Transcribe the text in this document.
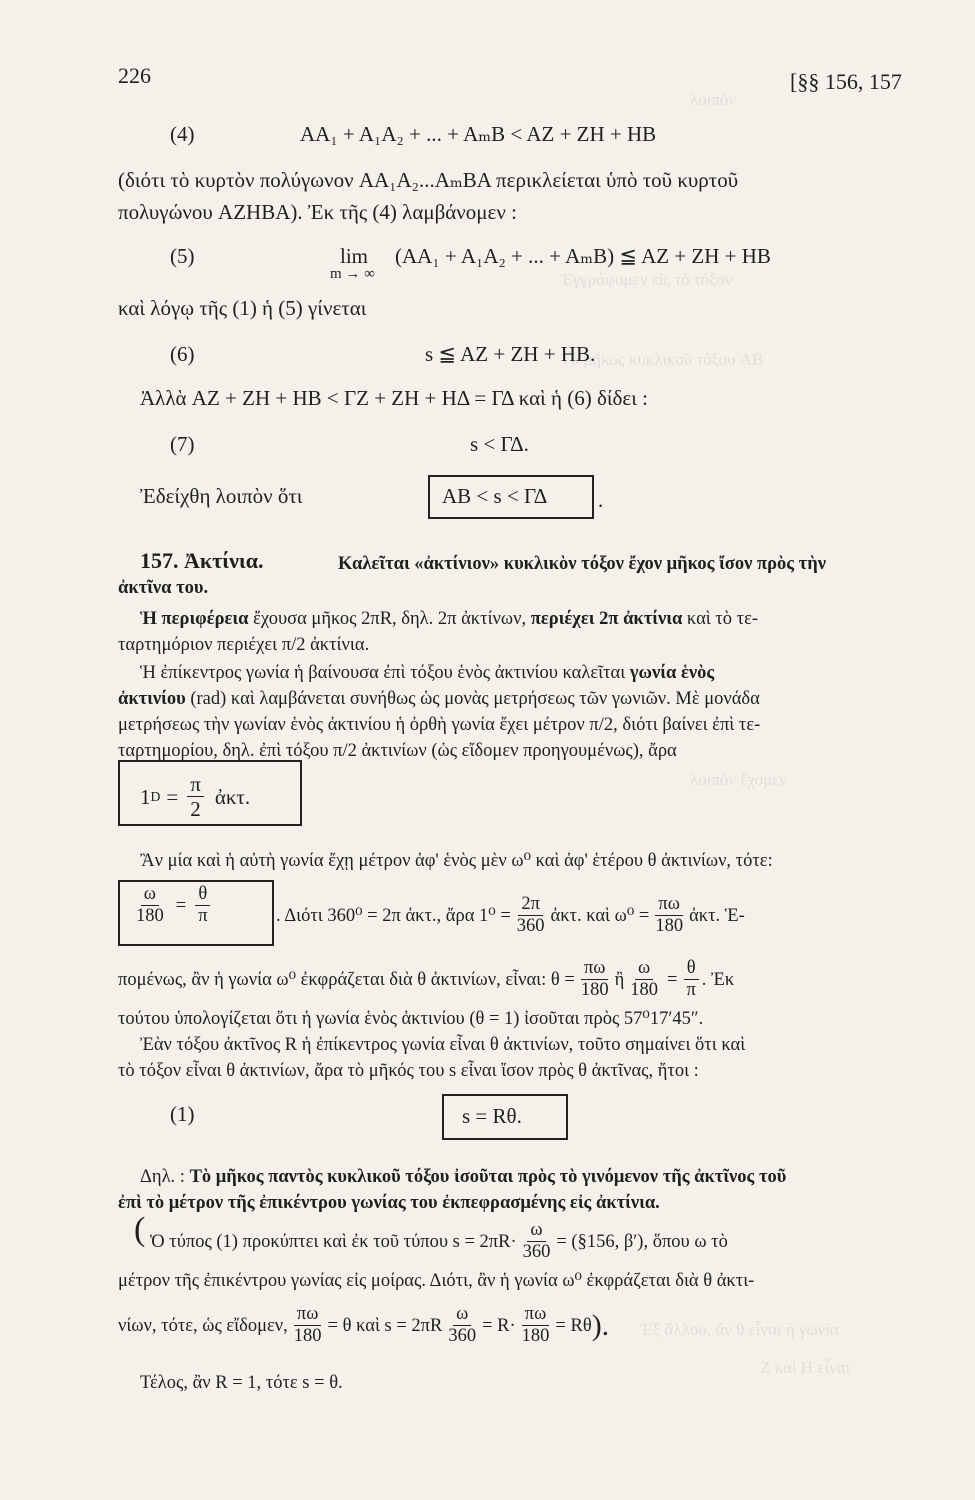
λοιπόν
Ἐγγράφομεν εἰς τὸ τόξον
Τὸ μῆκος κυκλικοῦ τόξου AB
λοιπὸν ἔχομεν
Ἐξ ἄλλου, ἂν θ εἶναι ἡ γωνία
Z καὶ H εἶναι
226	[§§ 156, 157
(4)	AA₁ + A₁A₂ + ... + AₘB < AZ + ZH + HB
(διότι τὸ κυρτὸν πολύγωνον AA₁A₂...AₘBA περικλείεται ὑπὸ τοῦ κυρτοῦ
πολυγώνου AZHBA). Ἐκ τῆς (4) λαμβάνομεν :
(5)	lim
m → ∞
(AA₁ + A₁A₂ + ... + AₘB) ≦ AZ + ZH + HB
καὶ λόγῳ τῆς (1) ἡ (5) γίνεται
(6)	s ≦ AZ + ZH + HB.
Ἀλλὰ AZ + ZH + HB < ΓZ + ZH + HΔ = ΓΔ καὶ ἡ (6) δίδει :
(7)	s < ΓΔ.
Ἐδείχθη λοιπὸν ὅτι	AB < s < ΓΔ .
157. Ἀκτίνια.	Καλεῖται «ἀκτίνιον» κυκλικὸν τόξον ἔχον μῆκος ἴσον πρὸς τὴν
ἀκτῖνα του.
Ἡ περιφέρεια ἔχουσα μῆκος 2πR, δηλ. 2π ἀκτίνων, περιέχει 2π ἀκτίνια καὶ τὸ τε-
ταρτημόριον περιέχει π/2 ἀκτίνια.
Ἡ ἐπίκεντρος γωνία ἡ βαίνουσα ἐπὶ τόξου ἑνὸς ἀκτινίου καλεῖται γωνία ἑνὸς
ἀκτινίου (rad) καὶ λαμβάνεται συνήθως ὡς μονὰς μετρήσεως τῶν γωνιῶν. Μὲ μονάδα
μετρήσεως τὴν γωνίαν ἑνὸς ἀκτινίου ἡ ὀρθὴ γωνία ἔχει μέτρον π/2, διότι βαίνει ἐπὶ τε-
ταρτημορίου, δηλ. ἐπὶ τόξου π/2 ἀκτινίων (ὡς εἴδομεν προηγουμένως), ἄρα
1 $D = \frac{\pi}{2}$ ἀκτ.
Ἂν μία καὶ ἡ αὐτὴ γωνία ἔχῃ μέτρον ἀφ' ἑνὸς μὲν ω⁰ καὶ ἀφ' ἑτέρου θ ἀκτινίων, τότε:
$\frac{\omega}{180} = \frac{\theta}{\pi}$	. Διότι 360⁰ = 2π ἀκτ., ἄρα $1^0 = \frac{2\pi}{360}$ ἀκτ. καὶ $\omega^0 = \frac{\pi\omega}{180}$ ἀκτ. Ἑ-
πομένως, ἂν ἡ γωνία ω⁰ ἐκφράζεται διὰ θ ἀκτινίων, εἶναι: $\theta = \frac{\pi\omega}{180}$ ἢ $\frac{\omega}{180} = \frac{\theta}{\pi}$ . Ἐκ
τούτου ὑπολογίζεται ὅτι ἡ γωνία ἑνὸς ἀκτινίου (θ = 1) ἰσοῦται πρὸς 57⁰17′45″.
Ἐὰν τόξου ἀκτῖνος R ἡ ἐπίκεντρος γωνία εἶναι θ ἀκτινίων, τοῦτο σημαίνει ὅτι καὶ
τὸ τόξον εἶναι θ ἀκτινίων, ἄρα τὸ μῆκός του s εἶναι ἴσον πρὸς θ ἀκτῖνας, ἤτοι :
(1)	s = Rθ.
Δηλ. : Τὸ μῆκος παντὸς κυκλικοῦ τόξου ἰσοῦται πρὸς τὸ γινόμενον τῆς ἀκτῖνος τοῦ
ἐπὶ τὸ μέτρον τῆς ἐπικέντρου γωνίας του ἐκπεφρασμένης εἰς ἀκτίνια.
( Ὁ τύπος (1) προκύπτει καὶ ἐκ τοῦ τύπου $s = 2\pi R\cdot \frac{\omega}{360}$ = (§156, β′), ὅπου ω τὸ
μέτρον τῆς ἐπικέντρου γωνίας εἰς μοίρας. Διότι, ἂν ἡ γωνία ω⁰ ἐκφράζεται διὰ θ ἀκτι-
νίων, τότε, ὡς εἴδομεν, $\frac{\pi\omega}{180} = \theta$ καὶ $s = 2\pi R \frac{\omega}{360} = R\cdot \frac{\pi\omega}{180} = R\theta$ ).
Τέλος, ἂν R = 1, τότε s = θ.
